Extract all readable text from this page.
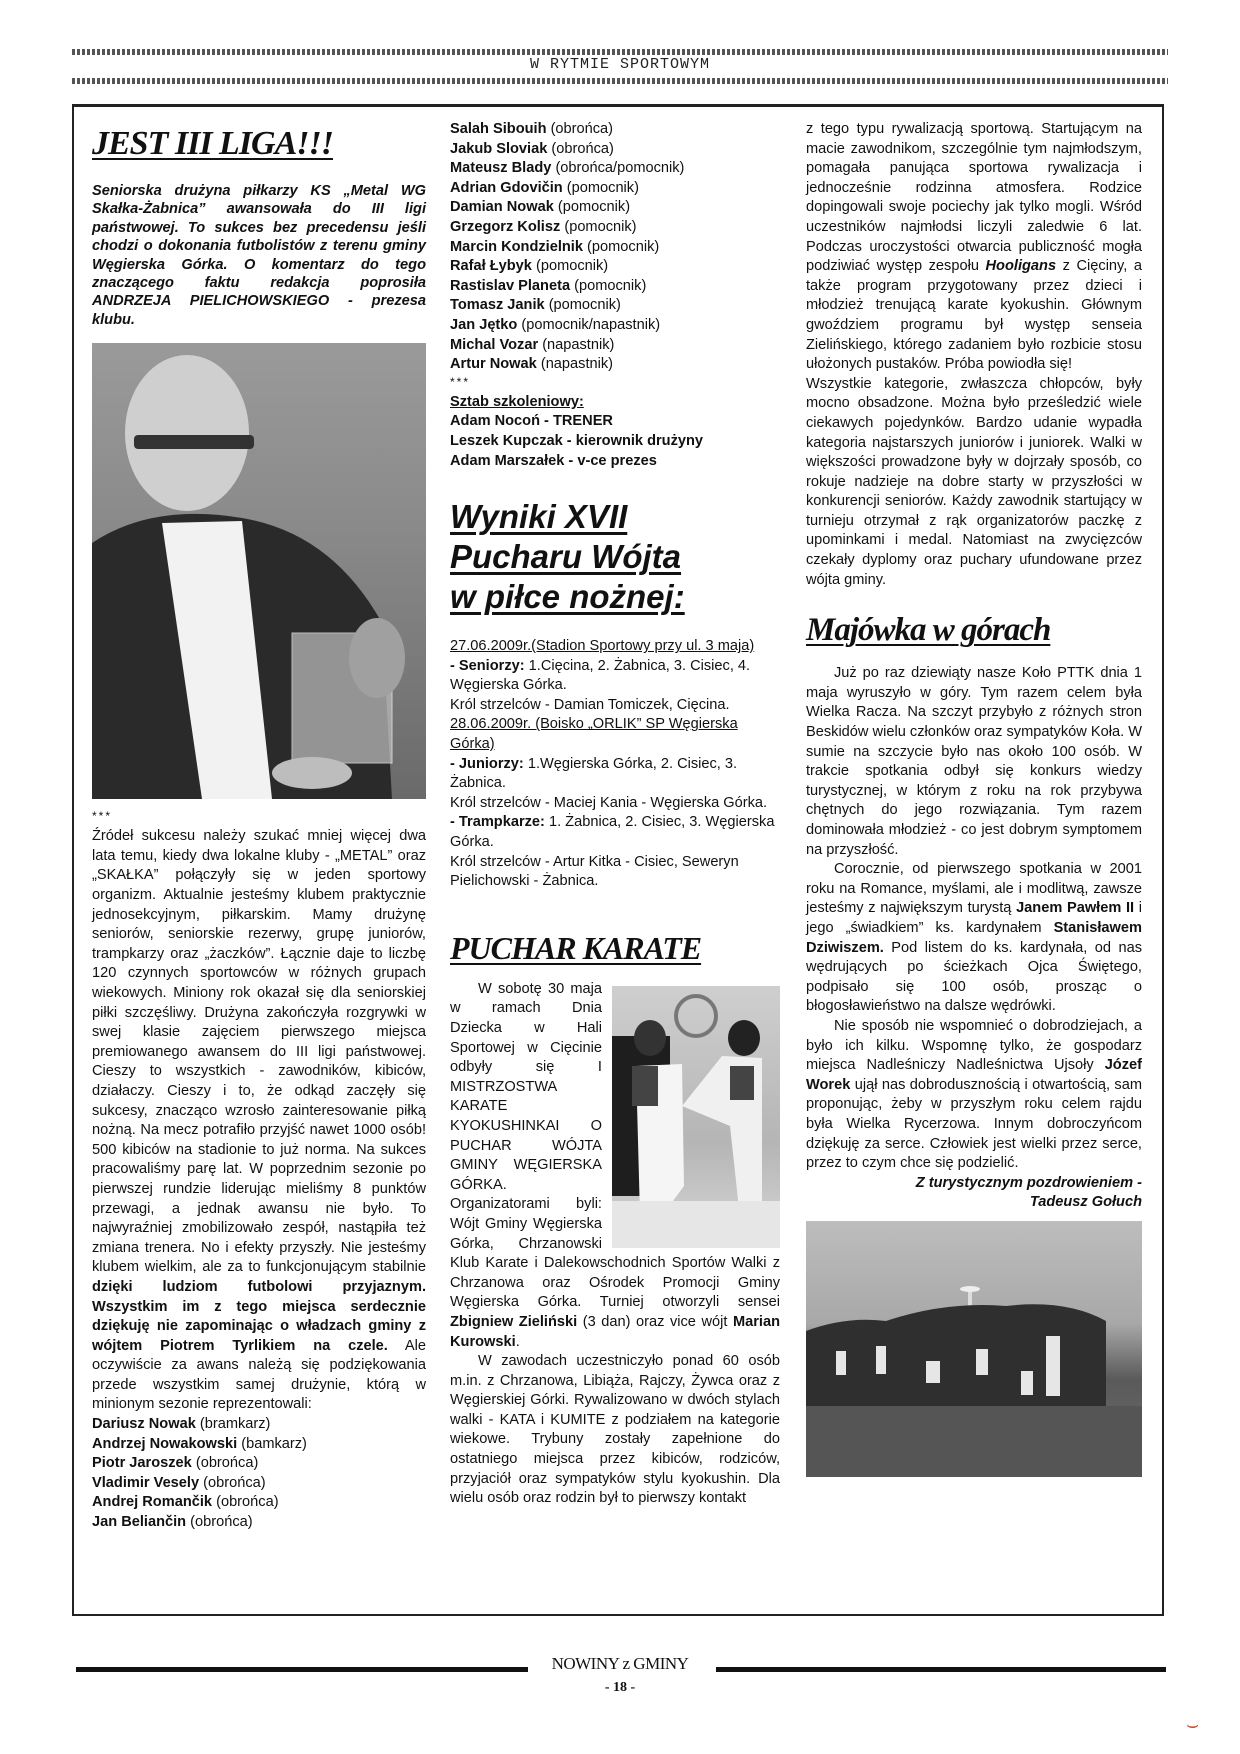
W RYTMIE SPORTOWYM
JEST III LIGA!!!
Seniorska drużyna piłkarzy KS „Metal WG Skałka-Żabnica” awansowała do III ligi państwowej. To sukces bez precedensu jeśli chodzi o dokonania futbolistów z terenu gminy Węgierska Górka. O komentarz do tego znaczącego faktu redakcja poprosiła ANDRZEJA PIELICHOWSKIEGO - prezesa klubu.
***
Źródeł sukcesu należy szukać mniej więcej dwa lata temu, kiedy dwa lokalne kluby - „METAL” oraz „SKAŁKA” połączyły się w jeden sportowy organizm. Aktualnie jesteśmy klubem praktycznie jednosekcyjnym, piłkarskim. Mamy drużynę seniorów, seniorskie rezerwy, grupę juniorów, trampkarzy oraz „żaczków”. Łącznie daje to liczbę 120 czynnych sportowców w różnych grupach wiekowych. Miniony rok okazał się dla seniorskiej piłki szczęśliwy. Drużyna zakończyła rozgrywki w swej klasie zajęciem pierwszego miejsca premiowanego awansem do III ligi państwowej. Cieszy to wszystkich - zawodników, kibiców, działaczy. Cieszy i to, że odkąd zaczęły się sukcesy, znacząco wzrosło zainteresowanie piłką nożną. Na mecz potrafiło przyjść nawet 1000 osób! 500 kibiców na stadionie to już norma. Na sukces pracowaliśmy parę lat. W poprzednim sezonie po pierwszej rundzie liderując mieliśmy 8 punktów przewagi, a jednak awansu nie było. To najwyraźniej zmobilizowało zespół, nastąpiła też zmiana trenera. No i efekty przyszły. Nie jesteśmy klubem wielkim, ale za to funkcjonującym stabilnie dzięki ludziom futbolowi przyjaznym. Wszystkim im z tego miejsca serdecznie dziękuję nie zapominając o władzach gminy z wójtem Piotrem Tyrlikiem na czele. Ale oczywiście za awans należą się podziękowania przede wszystkim samej drużynie, którą w minionym sezonie reprezentowali:
Dariusz Nowak (bramkarz)
Andrzej Nowakowski (bamkarz)
Piotr Jaroszek (obrońca)
Vladimir Vesely (obrońca)
Andrej Romančik (obrońca)
Jan Beliančin (obrońca)
Salah Sibouih (obrońca)
Jakub Sloviak (obrońca)
Mateusz Blady (obrońca/pomocnik)
Adrian Gdovičin (pomocnik)
Damian Nowak (pomocnik)
Grzegorz Kolisz (pomocnik)
Marcin Kondzielnik (pomocnik)
Rafał Łybyk (pomocnik)
Rastislav Planeta (pomocnik)
Tomasz Janik (pomocnik)
Jan Jętko (pomocnik/napastnik)
Michal Vozar (napastnik)
Artur Nowak (napastnik)
***
Sztab szkoleniowy:
Adam Nocoń - TRENER
Leszek Kupczak - kierownik drużyny
Adam Marszałek - v-ce prezes
Wyniki XVII
Pucharu Wójta
w piłce nożnej:
27.06.2009r.(Stadion Sportowy przy ul. 3 maja)
- Seniorzy: 1.Cięcina, 2. Żabnica, 3. Cisiec, 4. Węgierska Górka.
Król strzelców - Damian Tomiczek, Cięcina.
28.06.2009r. (Boisko „ORLIK” SP Węgierska Górka)
- Juniorzy: 1.Węgierska Górka, 2. Cisiec, 3. Żabnica.
Król strzelców - Maciej Kania - Węgierska Górka.
- Trampkarze: 1. Żabnica, 2. Cisiec, 3. Węgierska Górka.
Król strzelców - Artur Kitka - Cisiec, Seweryn Pielichowski - Żabnica.
PUCHAR KARATE
W sobotę 30 maja w ramach Dnia Dziecka w Hali Sportowej w Cięcinie odbyły się I MISTRZOSTWA KARATE KYOKUSHINKAI O PUCHAR WÓJTA GMINY WĘGIERSKA GÓRKA. Organizatorami byli: Wójt Gminy Węgierska Górka, Chrzanowski Klub Karate i Dalekowschodnich Sportów Walki z Chrzanowa oraz Ośrodek Promocji Gminy Węgierska Górka. Turniej otworzyli sensei Zbigniew Zieliński (3 dan) oraz vice wójt Marian Kurowski.
W zawodach uczestniczyło ponad 60 osób m.in. z Chrzanowa, Libiąża, Rajczy, Żywca oraz z Węgierskiej Górki. Rywalizowano w dwóch stylach walki - KATA i KUMITE z podziałem na kategorie wiekowe. Trybuny zostały zapełnione do ostatniego miejsca przez kibiców, rodziców, przyjaciół oraz sympatyków stylu kyokushin. Dla wielu osób oraz rodzin był to pierwszy kontakt
z tego typu rywalizacją sportową. Startującym na macie zawodnikom, szczególnie tym najmłodszym, pomagała panująca sportowa rywalizacja i jednocześnie rodzinna atmosfera. Rodzice dopingowali swoje pociechy jak tylko mogli. Wśród uczestników najmłodsi liczyli zaledwie 6 lat. Podczas uroczystości otwarcia publiczność mogła podziwiać występ zespołu Hooligans z Cięciny, a także program przygotowany przez dzieci i młodzież trenującą karate kyokushin. Głównym gwoździem programu był występ senseia Zielińskiego, którego zadaniem było rozbicie stosu ułożonych pustaków. Próba powiodła się!
Wszystkie kategorie, zwłaszcza chłopców, były mocno obsadzone. Można było prześledzić wiele ciekawych pojedynków. Bardzo udanie wypadła kategoria najstarszych juniorów i juniorek. Walki w większości prowadzone były w dojrzały sposób, co rokuje nadzieje na dobre starty w przyszłości w konkurencji seniorów. Każdy zawodnik startujący w turnieju otrzymał z rąk organizatorów paczkę z upominkami i medal. Natomiast na zwycięzców czekały dyplomy oraz puchary ufundowane przez wójta gminy.
Majówka w górach
Już po raz dziewiąty nasze Koło PTTK dnia 1 maja wyruszyło w góry. Tym razem celem była Wielka Racza. Na szczyt przybyło z różnych stron Beskidów wielu członków oraz sympatyków Koła. W sumie na szczycie było nas około 100 osób. W trakcie spotkania odbył się konkurs wiedzy turystycznej, w którym z roku na rok przybywa chętnych do jego rozwiązania. Tym razem dominowała młodzież - co jest dobrym symptomem na przyszłość.
Corocznie, od pierwszego spotkania w 2001 roku na Romance, myślami, ale i modlitwą, zawsze jesteśmy z największym turystą Janem Pawłem II i jego „świadkiem” ks. kardynałem Stanisławem Dziwiszem. Pod listem do ks. kardynała, od nas wędrujących po ścieżkach Ojca Świętego, podpisało się 100 osób, prosząc o błogosławieństwo na dalsze wędrówki.
Nie sposób nie wspomnieć o dobrodziejach, a było ich kilku. Wspomnę tylko, że gospodarz miejsca Nadleśniczy Nadleśnictwa Ujsoły Józef Worek ujął nas dobrodusznością i otwartością, sam proponując, żeby w przyszłym roku celem rajdu była Wielka Rycerzowa. Innym dobroczyńcom dziękuję za serce. Człowiek jest wielki przez serce, przez to czym chce się podzielić.
Z turystycznym pozdrowieniem -
Tadeusz Gołuch
NOWINY z GMINY
- 18 -
⌣
